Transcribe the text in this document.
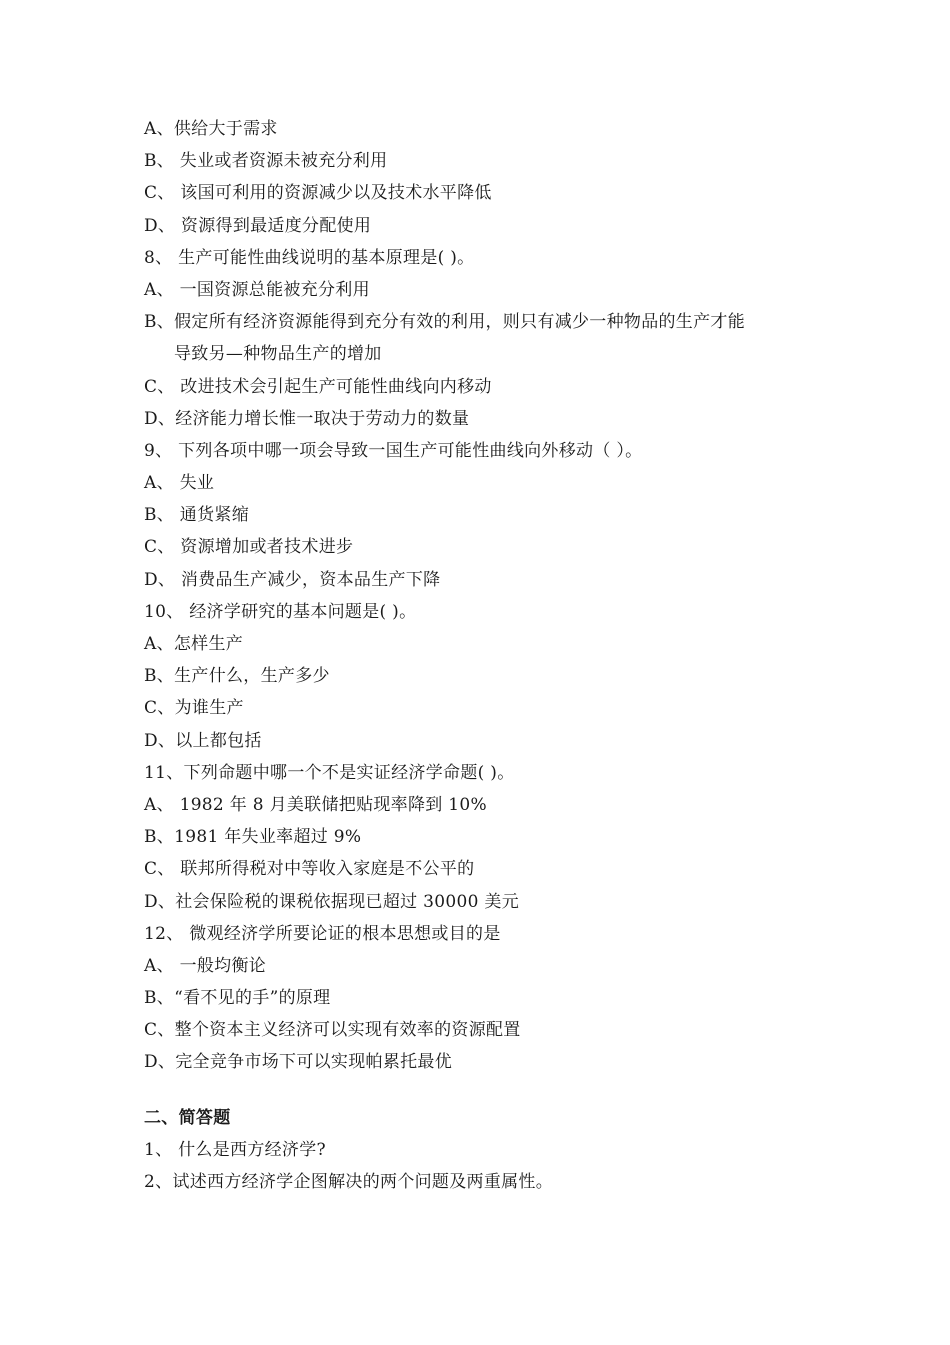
A、供给大于需求
B、 失业或者资源未被充分利用
C、 该国可利用的资源减少以及技术水平降低
D、 资源得到最适度分配使用
8、 生产可能性曲线说明的基本原理是( )。
A、 一国资源总能被充分利用
B、假定所有经济资源能得到充分有效的利用，则只有减少一种物品的生产才能
导致另—种物品生产的增加
C、 改进技术会引起生产可能性曲线向内移动
D、经济能力增长惟一取决于劳动力的数量
9、 下列各项中哪一项会导致一国生产可能性曲线向外移动（ ）。
A、 失业
B、 通货紧缩
C、 资源增加或者技术进步
D、 消费品生产减少，资本品生产下降
10、 经济学研究的基本问题是( )。
A、怎样生产
B、生产什么，生产多少
C、为谁生产
D、以上都包括
11、下列命题中哪一个不是实证经济学命题( )。
A、 1982 年 8 月美联储把贴现率降到 10%
B、1981 年失业率超过 9%
C、 联邦所得税对中等收入家庭是不公平的
D、社会保险税的课税依据现已超过 30000 美元
12、 微观经济学所要论证的根本思想或目的是
A、 一般均衡论
B、“看不见的手”的原理
C、整个资本主义经济可以实现有效率的资源配置
D、完全竞争市场下可以实现帕累托最优
二、简答题
1、 什么是西方经济学?
2、试述西方经济学企图解决的两个问题及两重属性。
